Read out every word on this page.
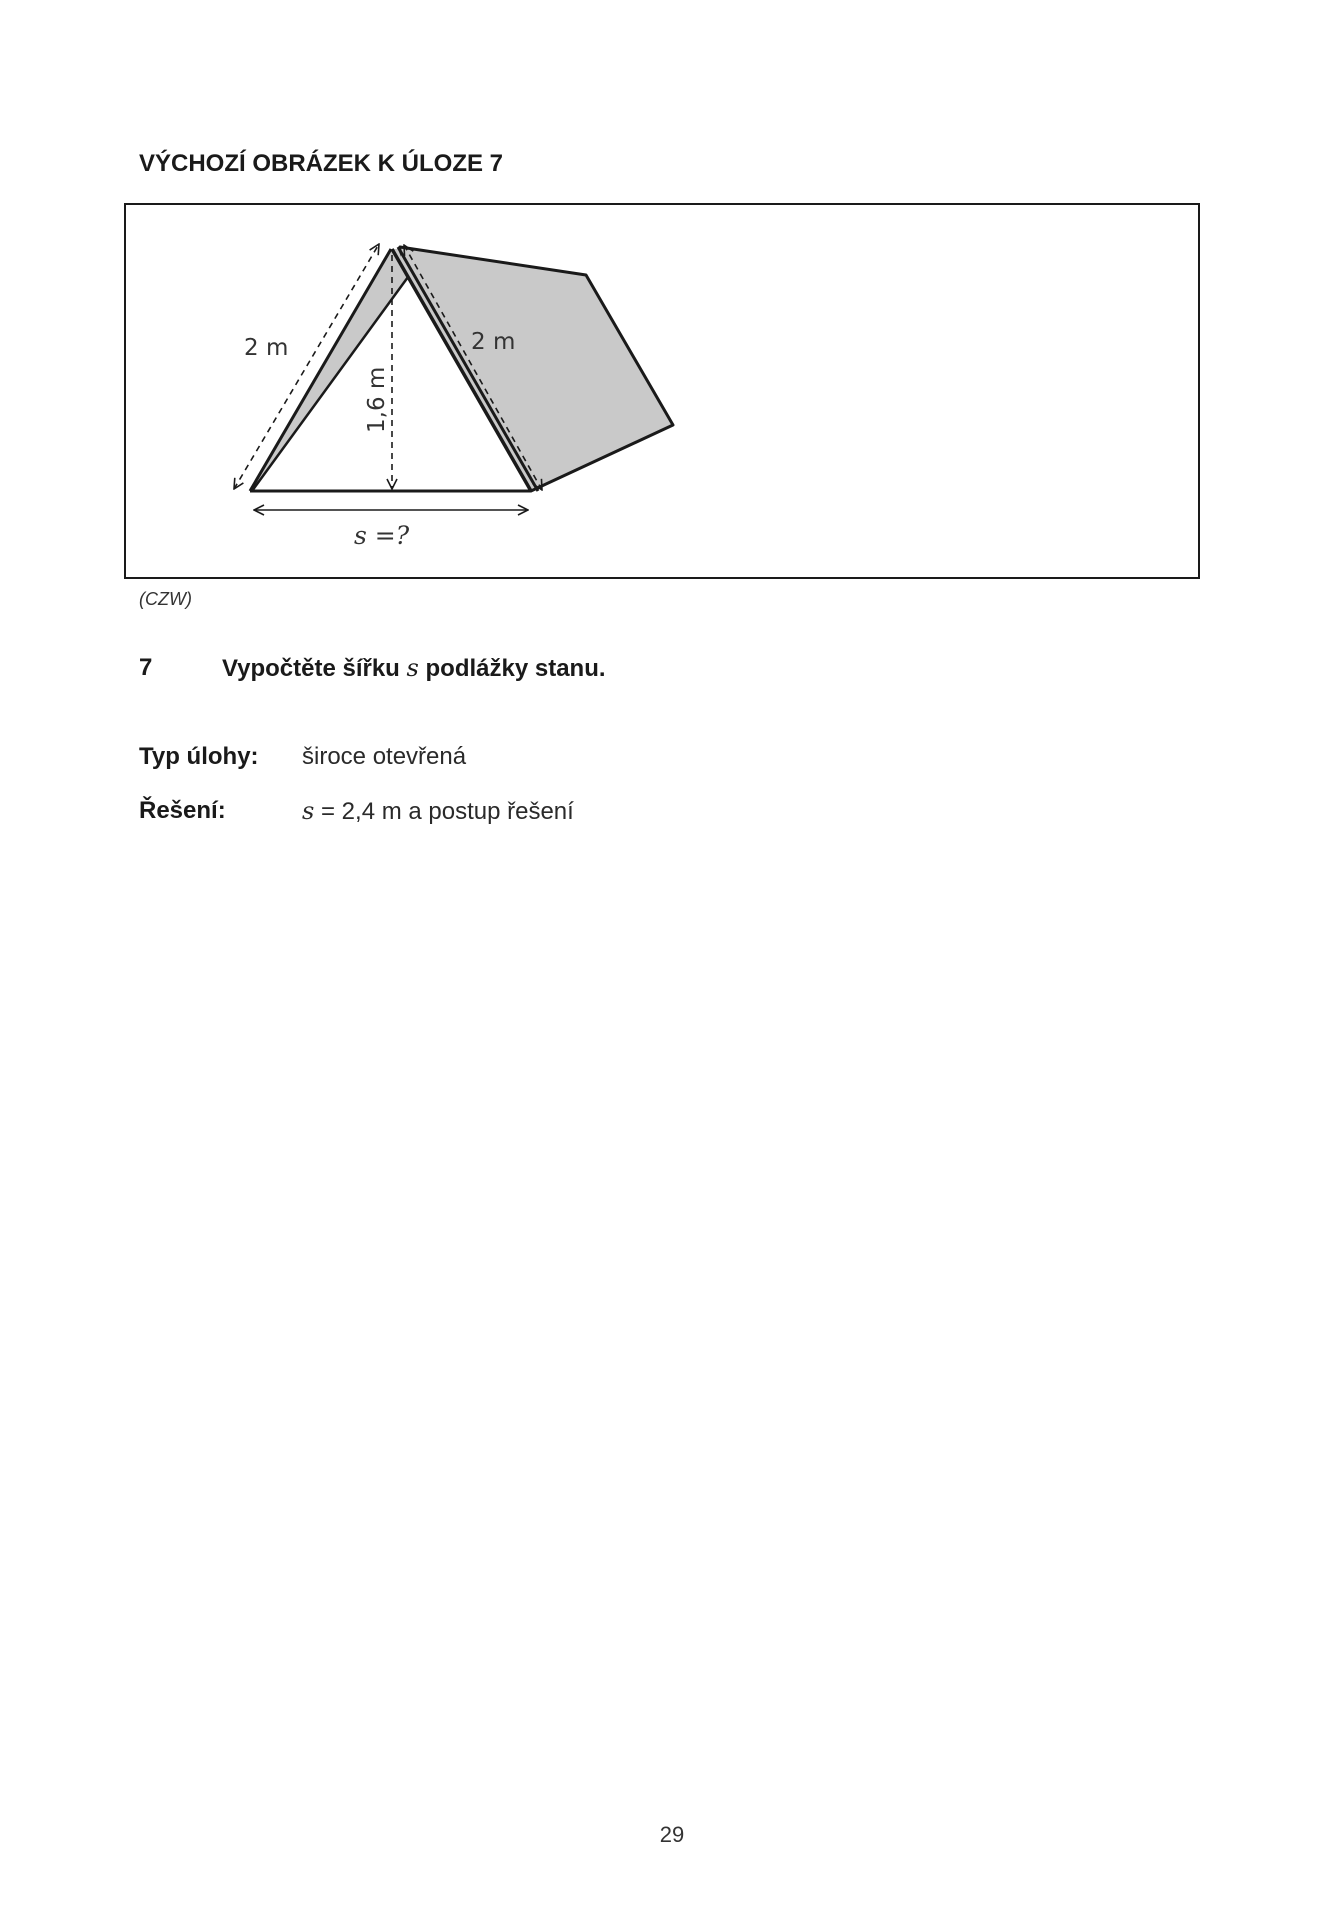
VÝCHOZÍ OBRÁZEK K ÚLOZE 7
2 m	2 m
1,6 m
s =?
(CZW)
7	Vypočtěte šířku s podlážky stanu.
Typ úlohy: široce otevřená
Řešení:	s = 2,4 m a postup řešení
29
